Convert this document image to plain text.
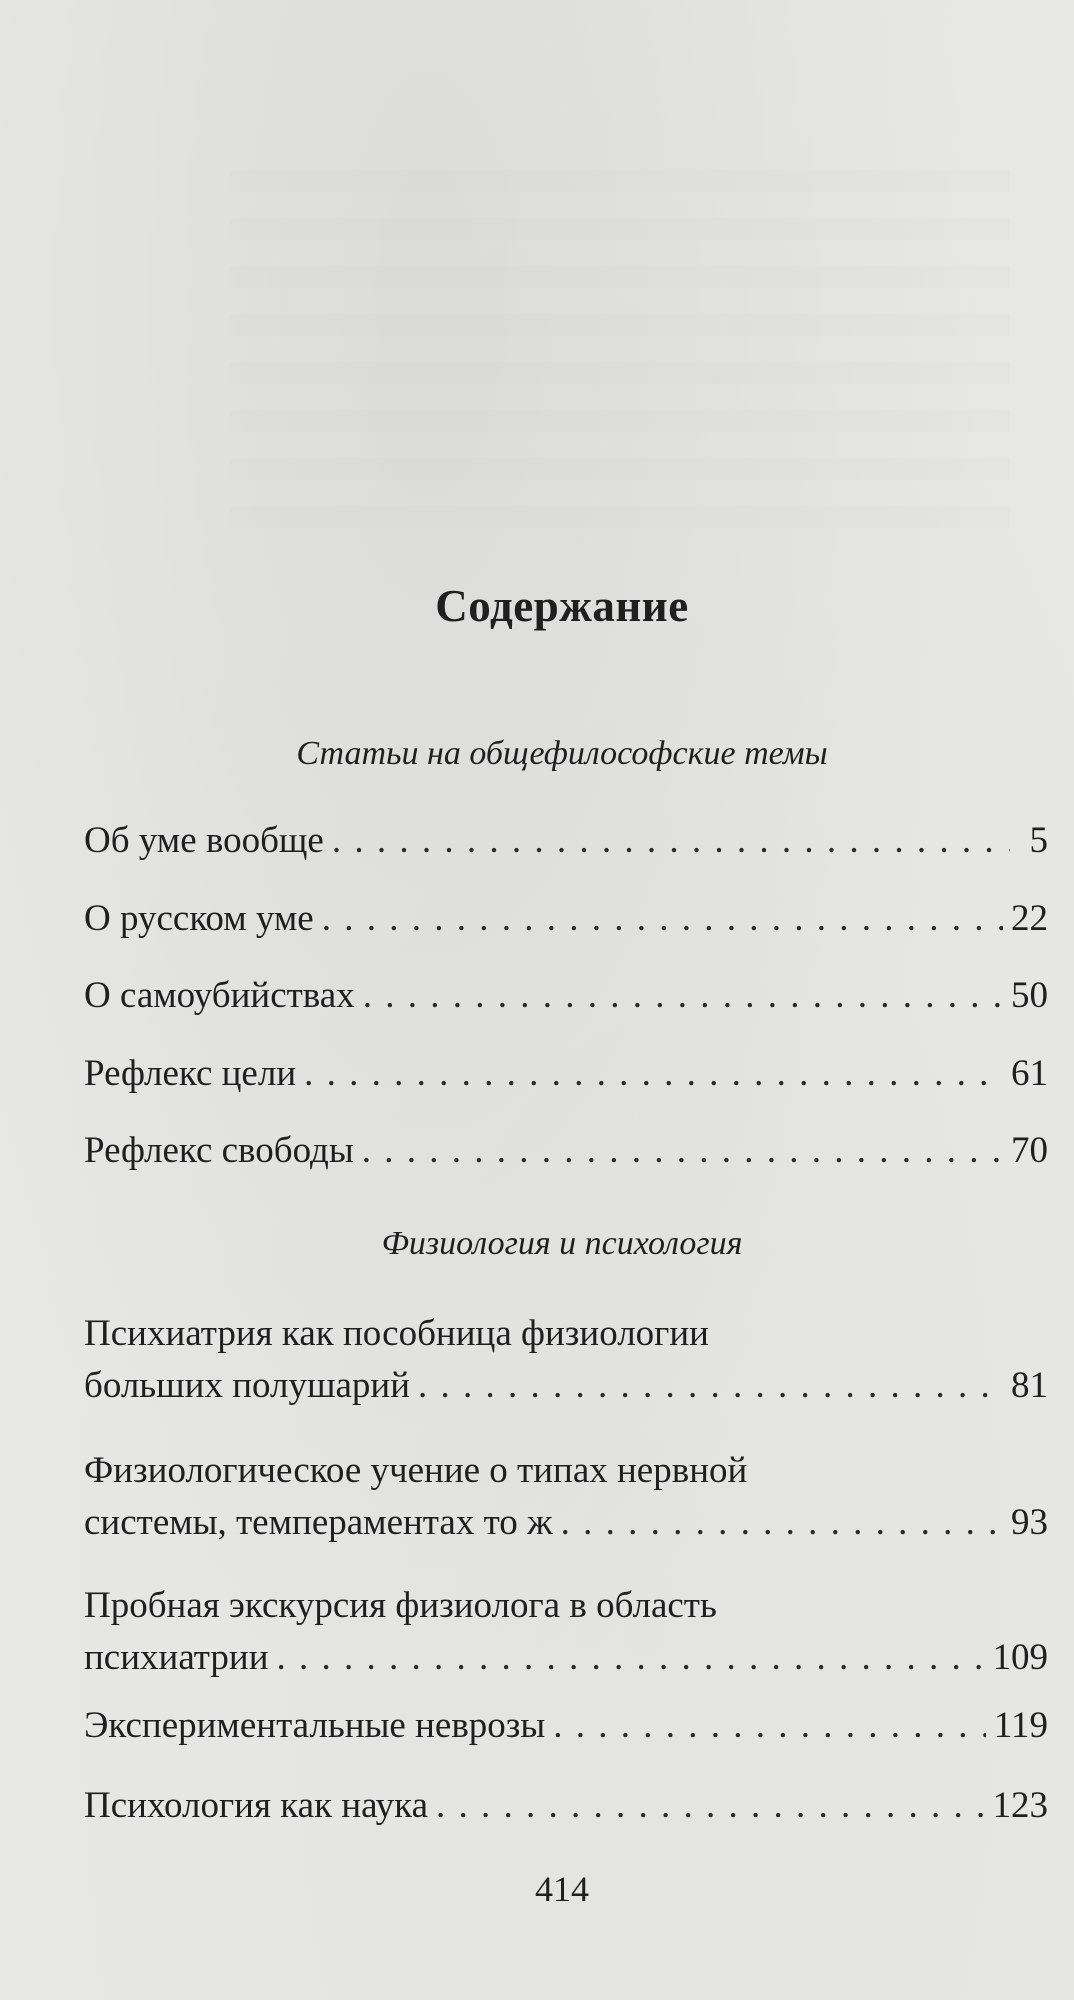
Содержание
Статьи на общефилософские темы
Об уме вообще . . .	5
О русском уме . . .	22
О самоубийствах . . .	50
Рефлекс цели . . .	61
Рефлекс свободы . . .	70
Физиология и психология
Психиатрия как пособница физиологии
больших полушарий . . .	81
Физиологическое учение о типах нервной
системы, темпераментах то ж . . .	93
Пробная экскурсия физиолога в область
психиатрии . . .	109
Экспериментальные неврозы . . .	119
Психология как наука . . .	123
414
